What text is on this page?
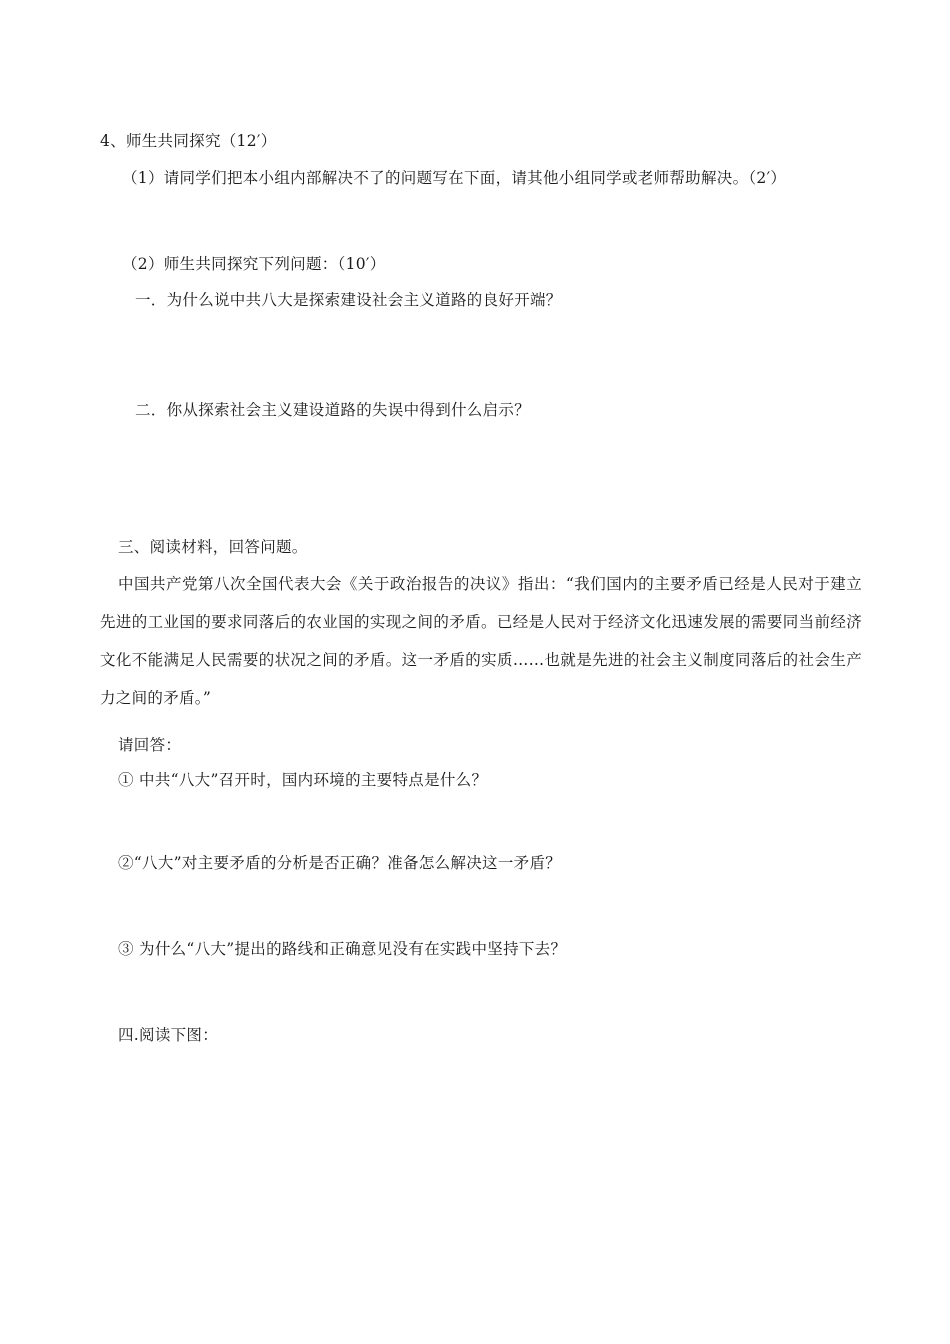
4、师生共同探究（12′）
（1）请同学们把本小组内部解决不了的问题写在下面，请其他小组同学或老师帮助解决。（2′）
（2）师生共同探究下列问题：（10′）
一．为什么说中共八大是探索建设社会主义道路的良好开端？
二．你从探索社会主义建设道路的失误中得到什么启示？
三、阅读材料，回答问题。
中国共产党第八次全国代表大会《关于政治报告的决议》指出：“我们国内的主要矛盾已经是人民对于建立先进的工业国的要求同落后的农业国的实现之间的矛盾。已经是人民对于经济文化迅速发展的需要同当前经济文化不能满足人民需要的状况之间的矛盾。这一矛盾的实质……也就是先进的社会主义制度同落后的社会生产力之间的矛盾。”
请回答：
① 中共“八大”召开时，国内环境的主要特点是什么？
②“八大”对主要矛盾的分析是否正确？准备怎么解决这一矛盾？
③ 为什么“八大”提出的路线和正确意见没有在实践中坚持下去？
四.阅读下图：
